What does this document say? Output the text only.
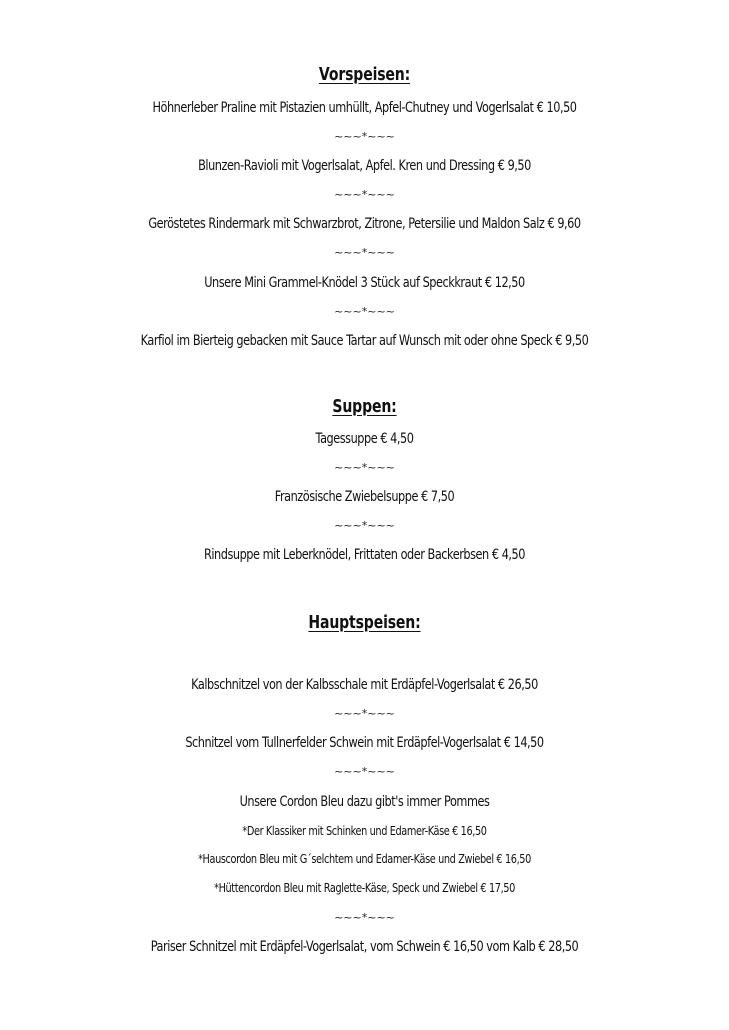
Vorspeisen:
Höhnerleber Praline mit Pistazien umhüllt, Apfel-Chutney und Vogerlsalat € 10,50
~~~*~~~
Blunzen-Ravioli mit Vogerlsalat, Apfel. Kren und Dressing € 9,50
~~~*~~~
Geröstetes Rindermark mit Schwarzbrot, Zitrone, Petersilie und Maldon Salz € 9,60
~~~*~~~
Unsere Mini Grammel-Knödel 3 Stück auf Speckkraut € 12,50
~~~*~~~
Karfiol im Bierteig gebacken mit Sauce Tartar auf Wunsch mit oder ohne Speck € 9,50
Suppen:
Tagessuppe € 4,50
~~~*~~~
Französische Zwiebelsuppe € 7,50
~~~*~~~
Rindsuppe mit Leberknödel, Frittaten oder Backerbsen € 4,50
Hauptspeisen:
Kalbschnitzel von der Kalbsschale mit Erdäpfel-Vogerlsalat € 26,50
~~~*~~~
Schnitzel vom Tullnerfelder Schwein mit Erdäpfel-Vogerlsalat € 14,50
~~~*~~~
Unsere Cordon Bleu dazu gibt's immer Pommes
*Der Klassiker mit Schinken und Edamer-Käse € 16,50
*Hauscordon Bleu mit G´selchtem und Edamer-Käse und Zwiebel € 16,50
*Hüttencordon Bleu mit Raglette-Käse, Speck und Zwiebel € 17,50
~~~*~~~
Pariser Schnitzel mit Erdäpfel-Vogerlsalat, vom Schwein € 16,50 vom Kalb € 28,50
